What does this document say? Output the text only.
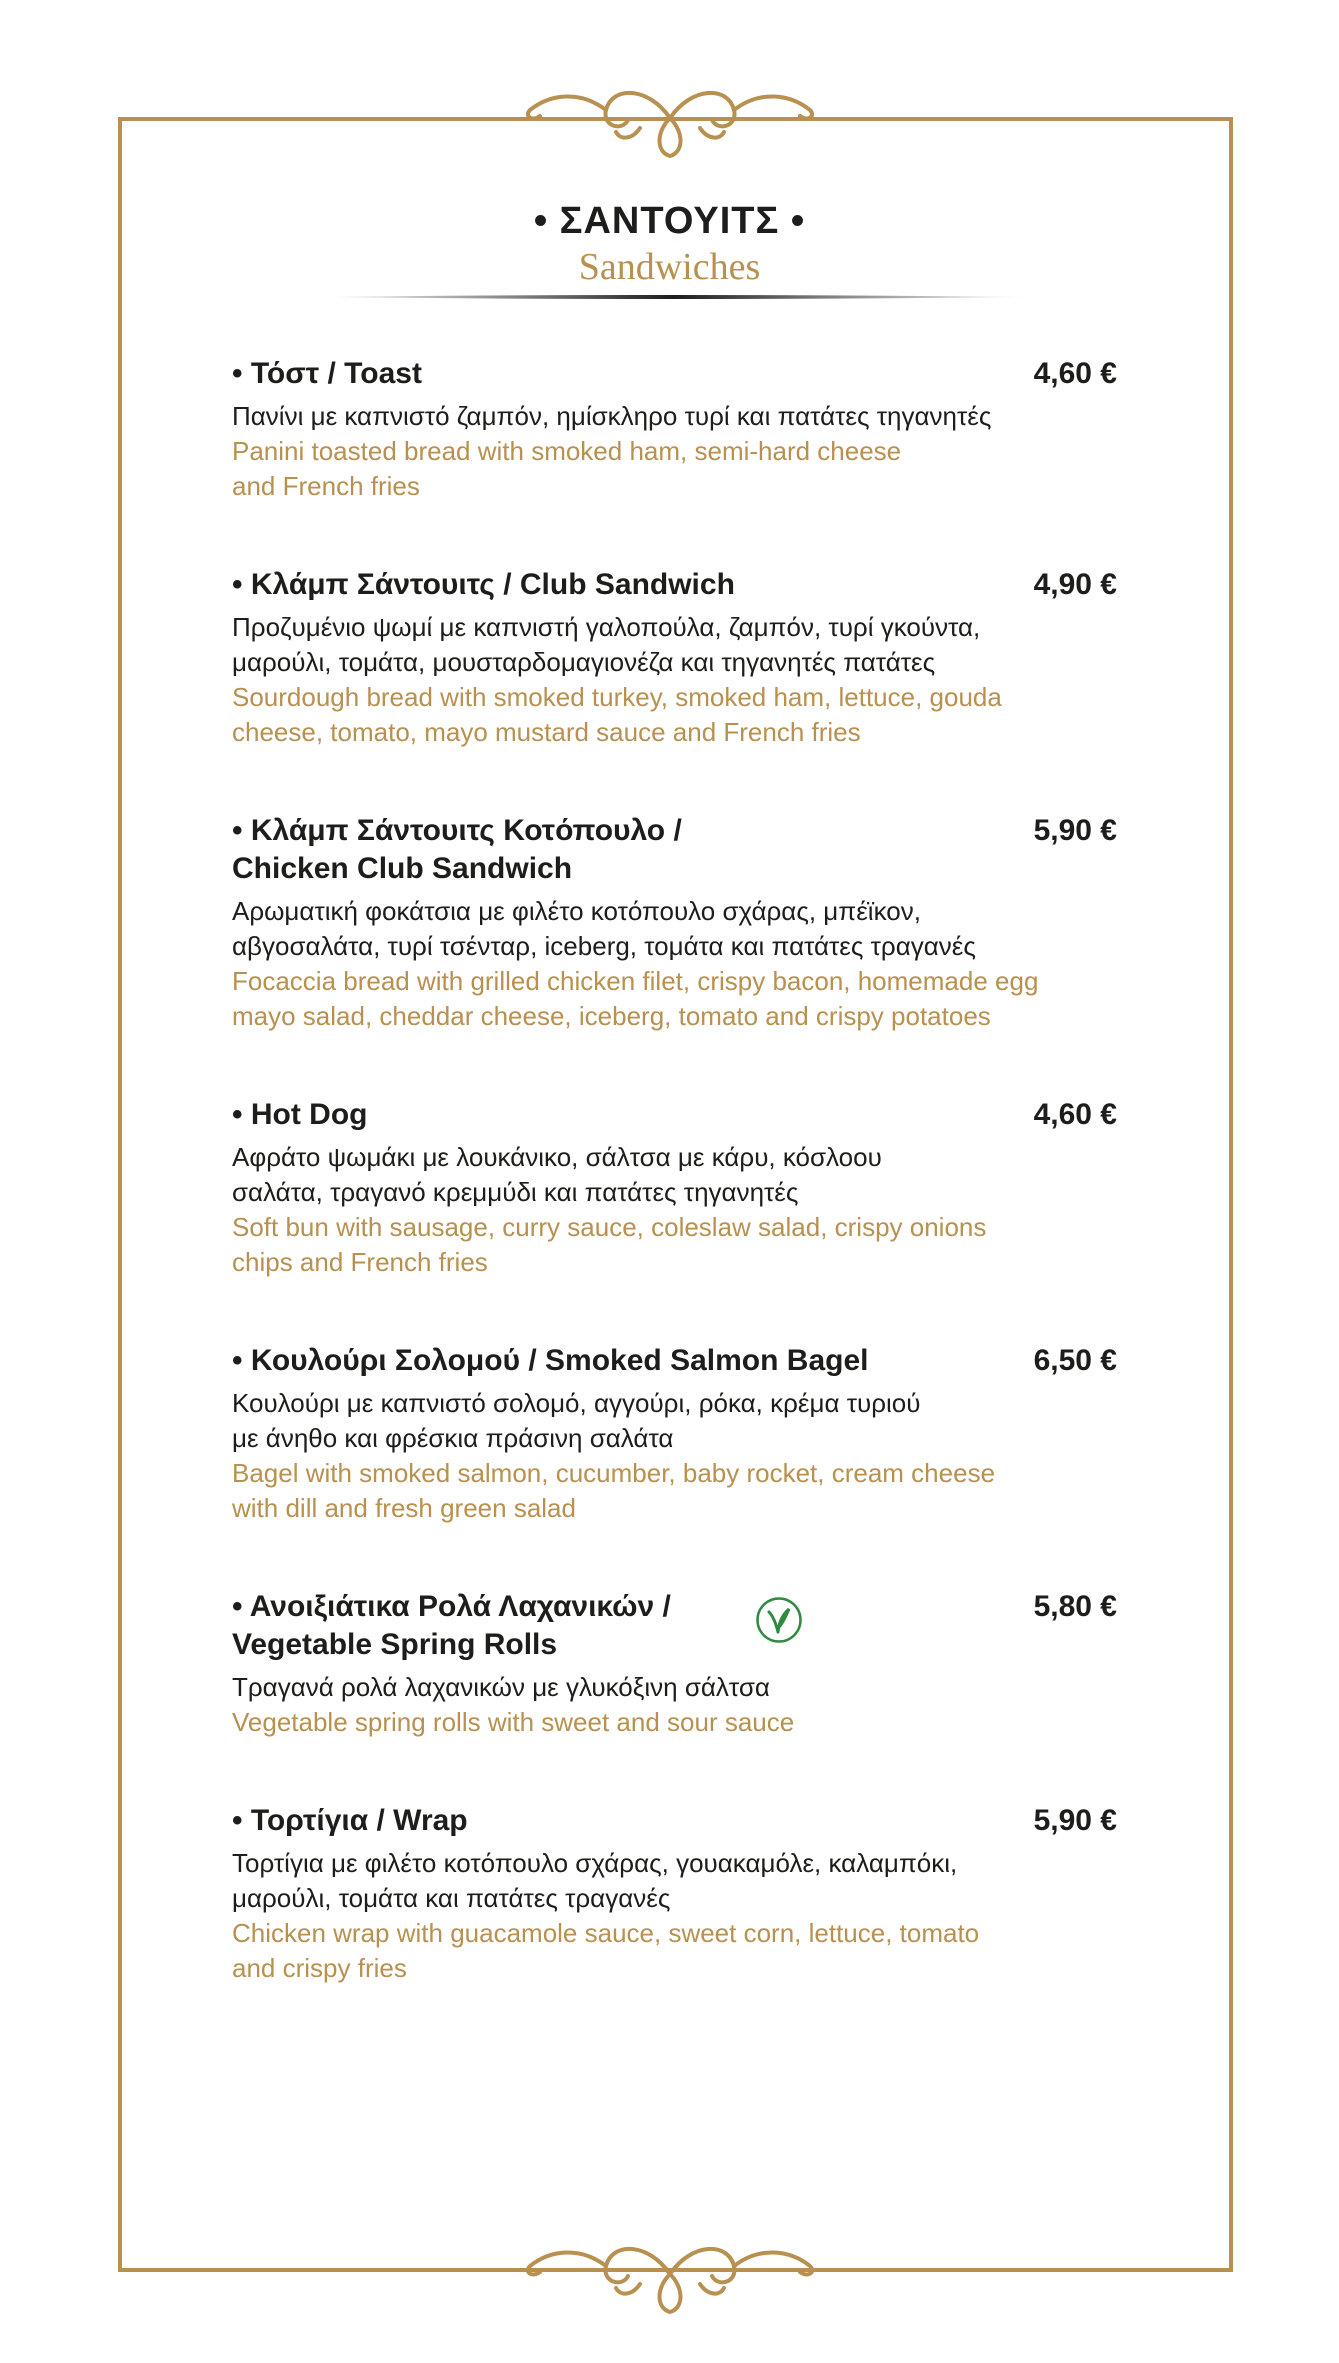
• ΣΑΝΤΟΥΙΤΣ •
Sandwiches
• Τόστ / Toast	4,60 €
Πανίνι με καπνιστό ζαμπόν, ημίσκληρο τυρί και πατάτες τηγανητές
Panini toasted bread with smoked ham, semi-hard cheese
and French fries
• Κλάμπ Σάντουιτς / Club Sandwich	4,90 €
Προζυμένιο ψωμί με καπνιστή γαλοπούλα, ζαμπόν, τυρί γκούντα,
μαρούλι, τομάτα, μουσταρδομαγιονέζα και τηγανητές πατάτες
Sourdough bread with smoked turkey, smoked ham, lettuce, gouda
cheese, tomato, mayo mustard sauce and French fries
• Κλάμπ Σάντουιτς Κοτόπουλο /
Chicken Club Sandwich
5,90 €
Αρωματική φοκάτσια με φιλέτο κοτόπουλο σχάρας, μπέϊκον,
αβγοσαλάτα, τυρί τσένταρ, iceberg, τομάτα και πατάτες τραγανές
Focaccia bread with grilled chicken filet, crispy bacon, homemade egg
mayo salad, cheddar cheese, iceberg, tomato and crispy potatoes
• Hot Dog	4,60 €
Αφράτο ψωμάκι με λουκάνικο, σάλτσα με κάρυ, κόσλοου
σαλάτα, τραγανό κρεμμύδι και πατάτες τηγανητές
Soft bun with sausage, curry sauce, coleslaw salad, crispy onions
chips and French fries
• Κουλούρι Σολομού / Smoked Salmon Bagel	6,50 €
Κουλούρι με καπνιστό σολομό, αγγούρι, ρόκα, κρέμα τυριού
με άνηθο και φρέσκια πράσινη σαλάτα
Bagel with smoked salmon, cucumber, baby rocket, cream cheese
with dill and fresh green salad
• Ανοιξιάτικα Ρολά Λαχανικών /
Vegetable Spring Rolls
5,80 €
Τραγανά ρολά λαχανικών με γλυκόξινη σάλτσα
Vegetable spring rolls with sweet and sour sauce
• Τορτίγια / Wrap	5,90 €
Τορτίγια με φιλέτο κοτόπουλο σχάρας, γουακαμόλε, καλαμπόκι,
μαρούλι, τομάτα και πατάτες τραγανές
Chicken wrap with guacamole sauce, sweet corn, lettuce, tomato
and crispy fries
